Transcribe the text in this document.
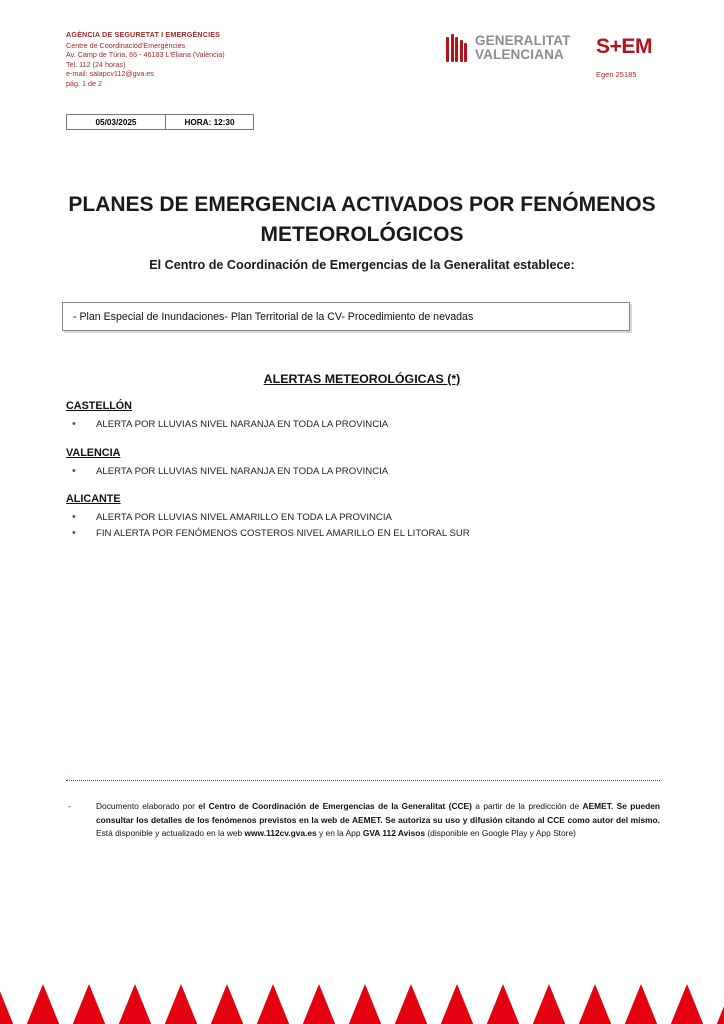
AGÈNCIA DE SEGURETAT I EMERGÈNCIES
Centre de Coordinaciód'Emergències
Av. Camp de Túria, 66 - 46183 L'Eliana (València)
Tel. 112 (24 horas)
e-mail: salapcv112@gva.es
pág. 1 de 2
GENERALITAT
VALENCIANA	S+EM
Egen 25185
05/03/2025	HORA: 12:30
PLANES DE EMERGENCIA ACTIVADOS POR FENÓMENOS METEOROLÓGICOS
El Centro de Coordinación de Emergencias de la Generalitat establece:
- Plan Especial de Inundaciones- Plan Territorial de la CV- Procedimiento de nevadas
ALERTAS METEOROLÓGICAS (*)
CASTELLÓN
• ALERTA POR LLUVIAS NIVEL NARANJA EN TODA LA PROVINCIA
VALENCIA
• ALERTA POR LLUVIAS NIVEL NARANJA EN TODA LA PROVINCIA
ALICANTE
• ALERTA POR LLUVIAS NIVEL AMARILLO EN TODA LA PROVINCIA
• FIN ALERTA POR FENÓMENOS COSTEROS NIVEL AMARILLO EN EL LITORAL SUR
-	Documento elaborado por el Centro de Coordinación de Emergencias de la Generalitat (CCE) a partir de la predicción de AEMET. Se pueden consultar los detalles de los fenómenos previstos en la web de AEMET. Se autoriza su uso y difusión citando al CCE como autor del mismo. Está disponible y actualizado en la web www.112cv.gva.es y en la App GVA 112 Avisos (disponible en Google Play y App Store)
